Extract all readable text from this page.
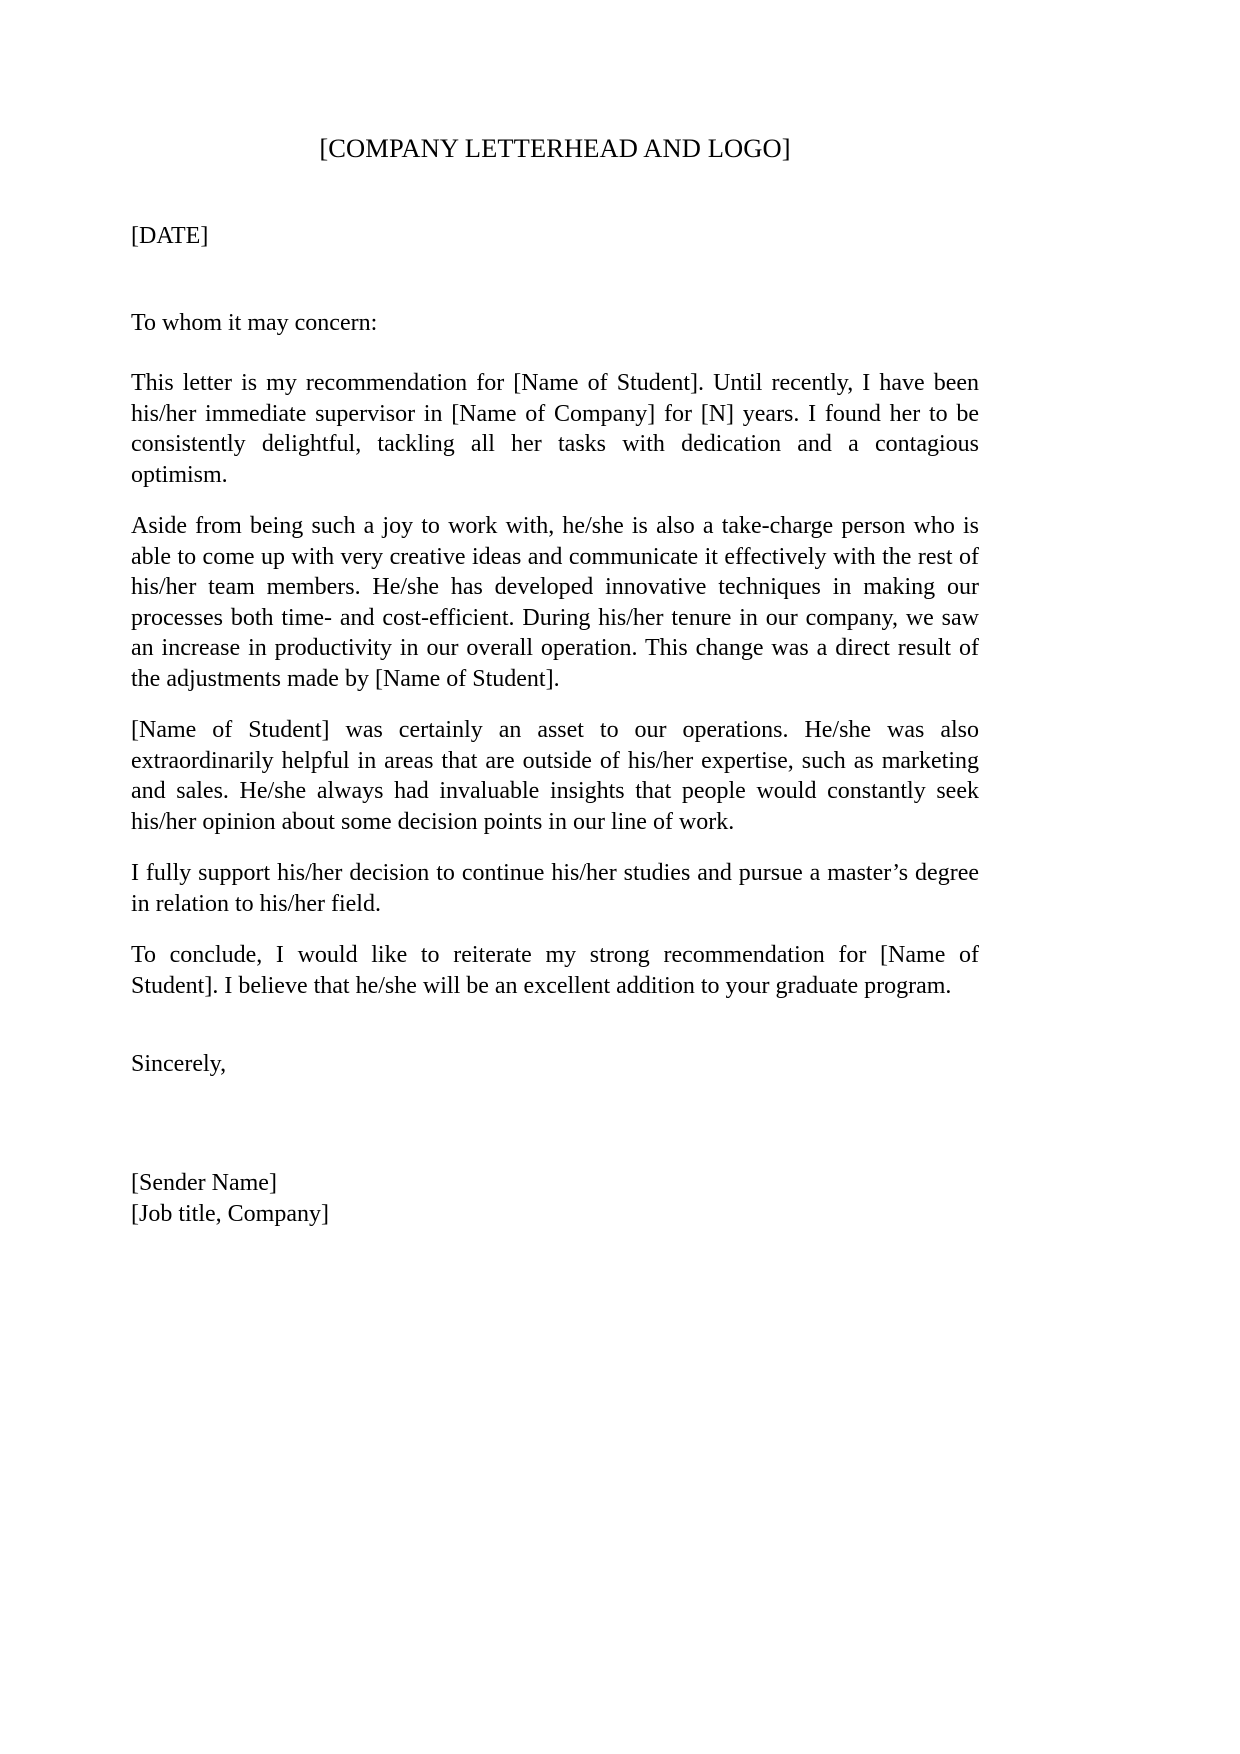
[COMPANY LETTERHEAD AND LOGO]
[DATE]
To whom it may concern:

This letter is my recommendation for [Name of Student]. Until recently, I have been his/her immediate supervisor in [Name of Company] for [N] years. I found her to be consistently delightful, tackling all her tasks with dedication and a contagious optimism.

Aside from being such a joy to work with, he/she is also a take-charge person who is able to come up with very creative ideas and communicate it effectively with the rest of his/her team members. He/she has developed innovative techniques in making our processes both time- and cost-efficient. During his/her tenure in our company, we saw an increase in productivity in our overall operation. This change was a direct result of the adjustments made by [Name of Student].

[Name of Student] was certainly an asset to our operations. He/she was also extraordinarily helpful in areas that are outside of his/her expertise, such as marketing and sales. He/she always had invaluable insights that people would constantly seek his/her opinion about some decision points in our line of work.

I fully support his/her decision to continue his/her studies and pursue a master’s degree in relation to his/her field.

To conclude, I would like to reiterate my strong recommendation for [Name of Student]. I believe that he/she will be an excellent addition to your graduate program.

Sincerely,
[Sender Name]
[Job title, Company]
